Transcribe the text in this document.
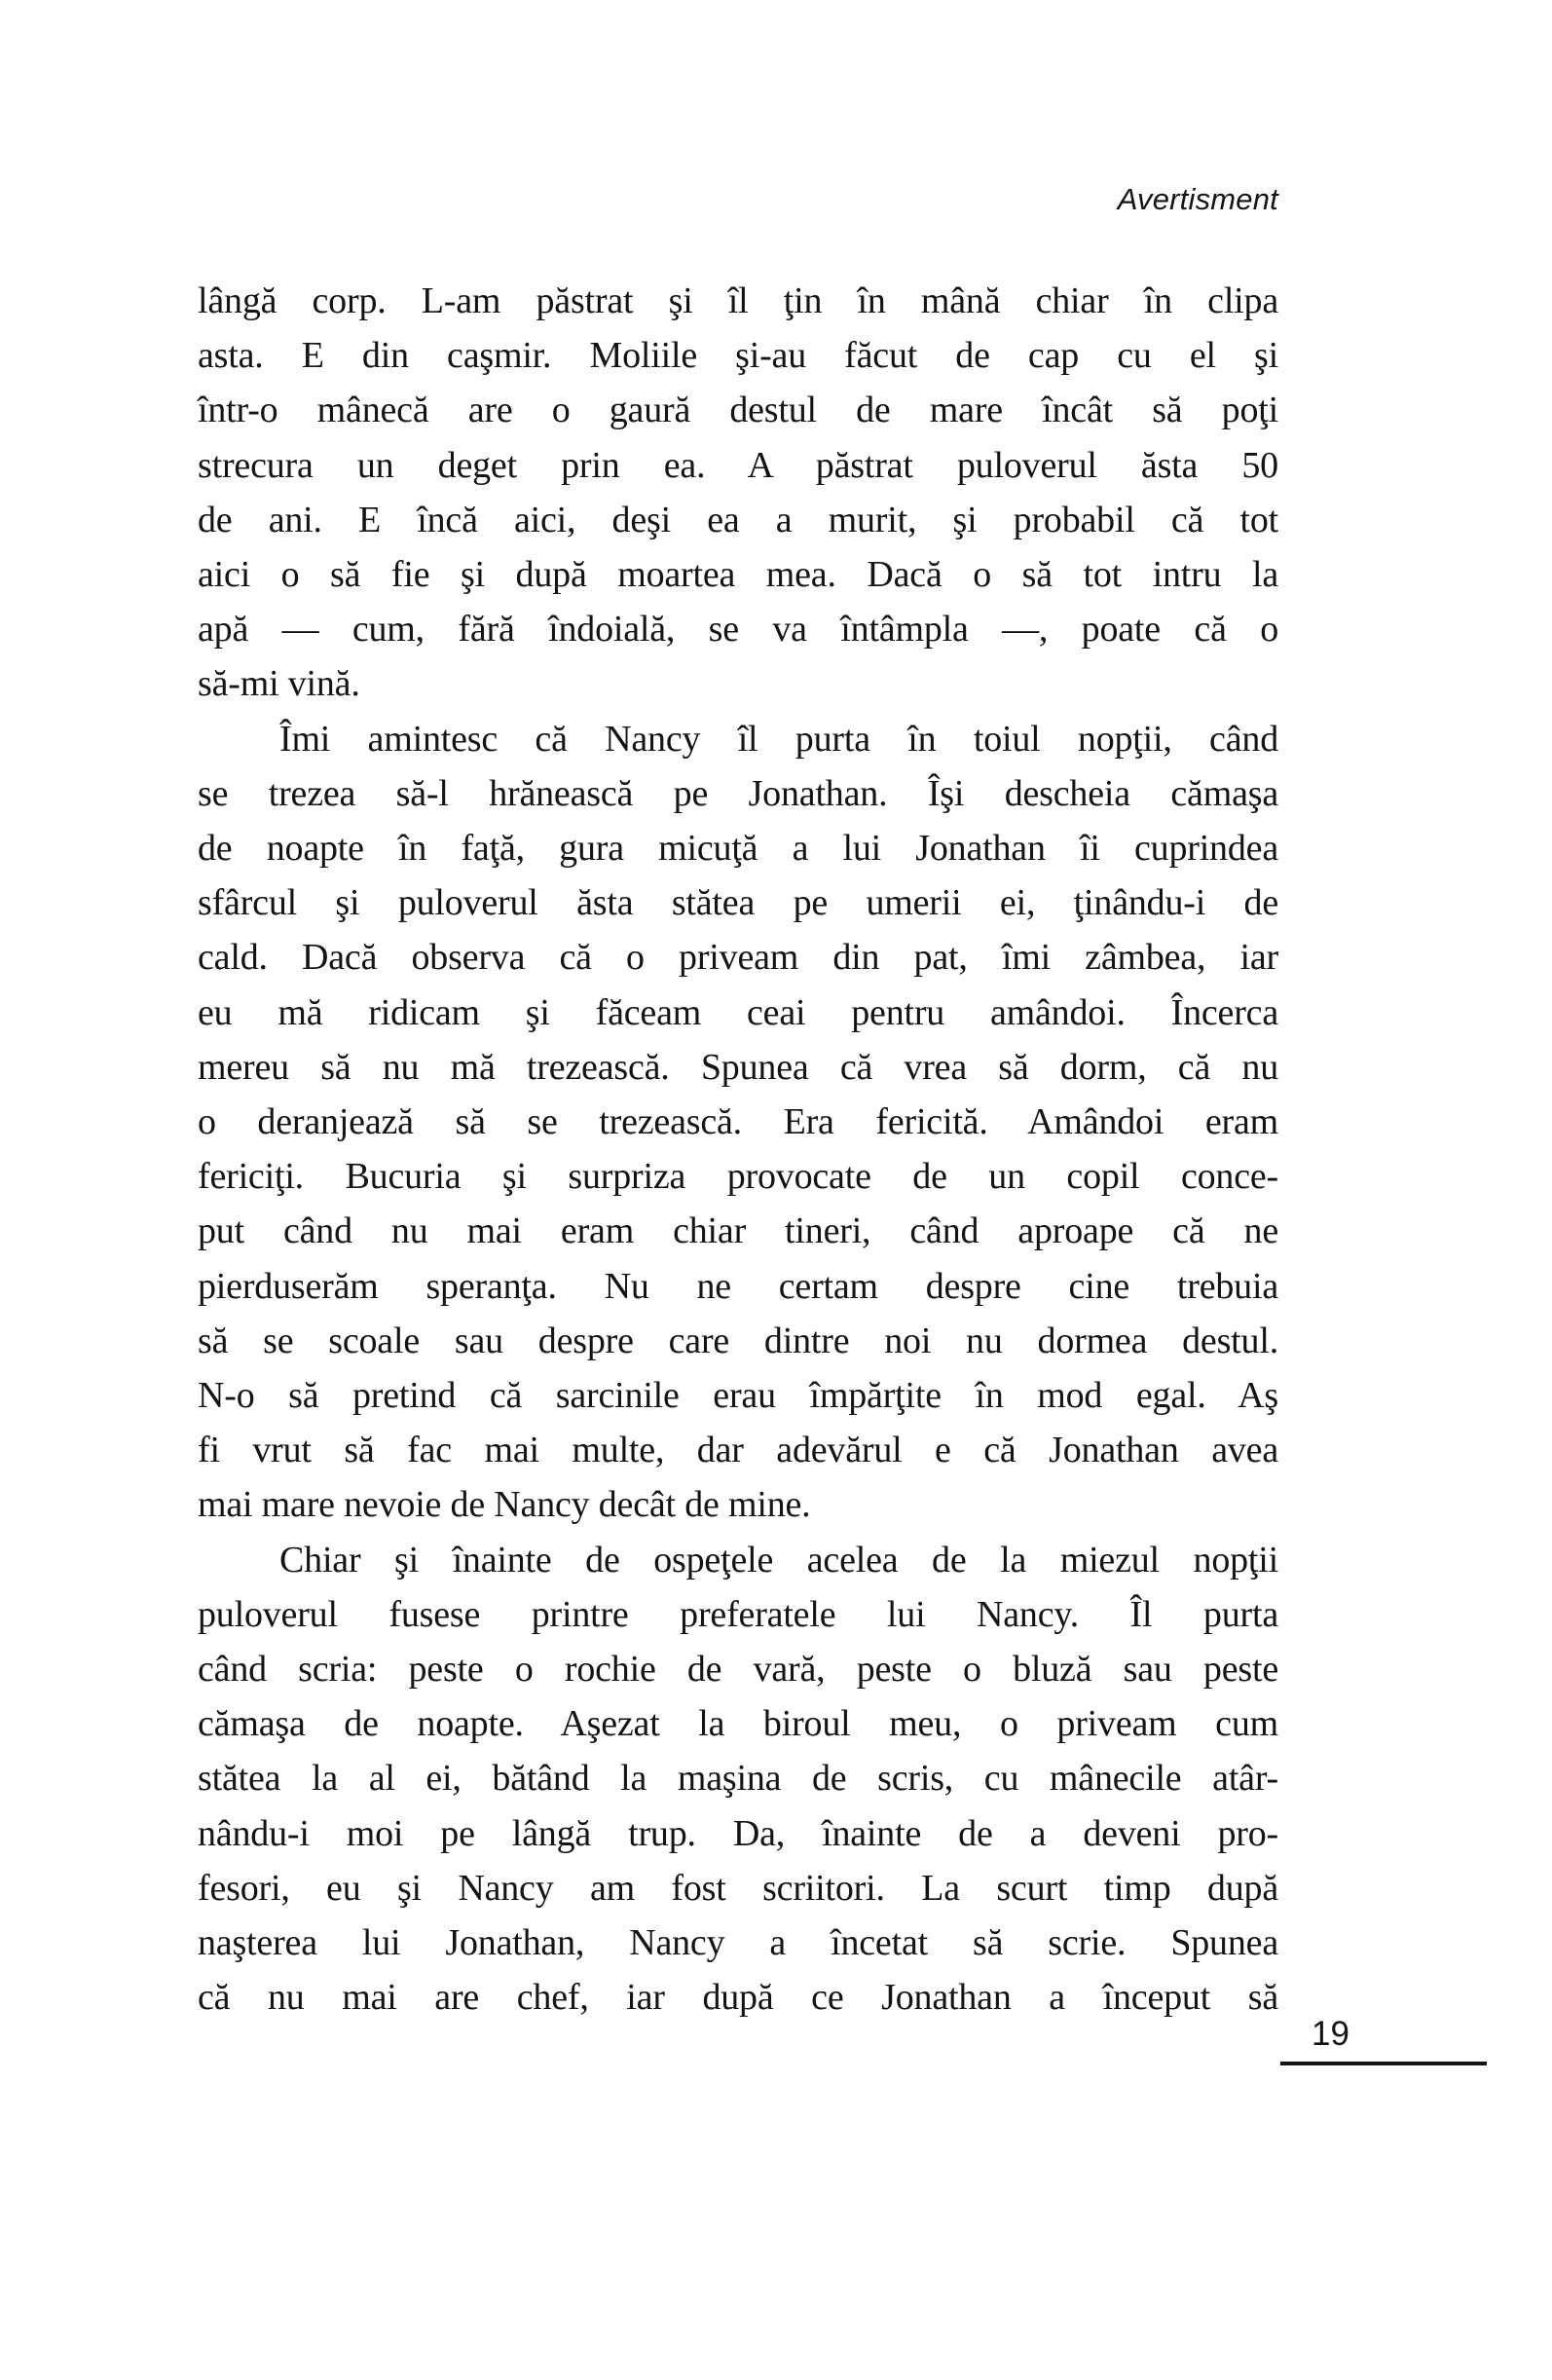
Avertisment
lângă corp. L-am păstrat şi îl ţin în mână chiar în clipa
asta. E din caşmir. Moliile şi-au făcut de cap cu el şi
într-o mânecă are o gaură destul de mare încât să poţi
strecura un deget prin ea. A păstrat puloverul ăsta 50
de ani. E încă aici, deşi ea a murit, şi probabil că tot
aici o să fie şi după moartea mea. Dacă o să tot intru la
apă — cum, fără îndoială, se va întâmpla —, poate că o
să-mi vină.
Îmi amintesc că Nancy îl purta în toiul nopţii, când
se trezea să-l hrănească pe Jonathan. Îşi descheia cămaşa
de noapte în faţă, gura micuţă a lui Jonathan îi cuprindea
sfârcul şi puloverul ăsta stătea pe umerii ei, ţinându-i de
cald. Dacă observa că o priveam din pat, îmi zâmbea, iar
eu mă ridicam şi făceam ceai pentru amândoi. Încerca
mereu să nu mă trezească. Spunea că vrea să dorm, că nu
o deranjează să se trezească. Era fericită. Amândoi eram
fericiţi. Bucuria şi surpriza provocate de un copil conce-
put când nu mai eram chiar tineri, când aproape că ne
pierduserăm speranţa. Nu ne certam despre cine trebuia
să se scoale sau despre care dintre noi nu dormea destul.
N-o să pretind că sarcinile erau împărţite în mod egal. Aş
fi vrut să fac mai multe, dar adevărul e că Jonathan avea
mai mare nevoie de Nancy decât de mine.
Chiar şi înainte de ospeţele acelea de la miezul nopţii
puloverul fusese printre preferatele lui Nancy. Îl purta
când scria: peste o rochie de vară, peste o bluză sau peste
cămaşa de noapte. Aşezat la biroul meu, o priveam cum
stătea la al ei, bătând la maşina de scris, cu mânecile atâr-
nându-i moi pe lângă trup. Da, înainte de a deveni pro-
fesori, eu şi Nancy am fost scriitori. La scurt timp după
naşterea lui Jonathan, Nancy a încetat să scrie. Spunea
că nu mai are chef, iar după ce Jonathan a început să
19
